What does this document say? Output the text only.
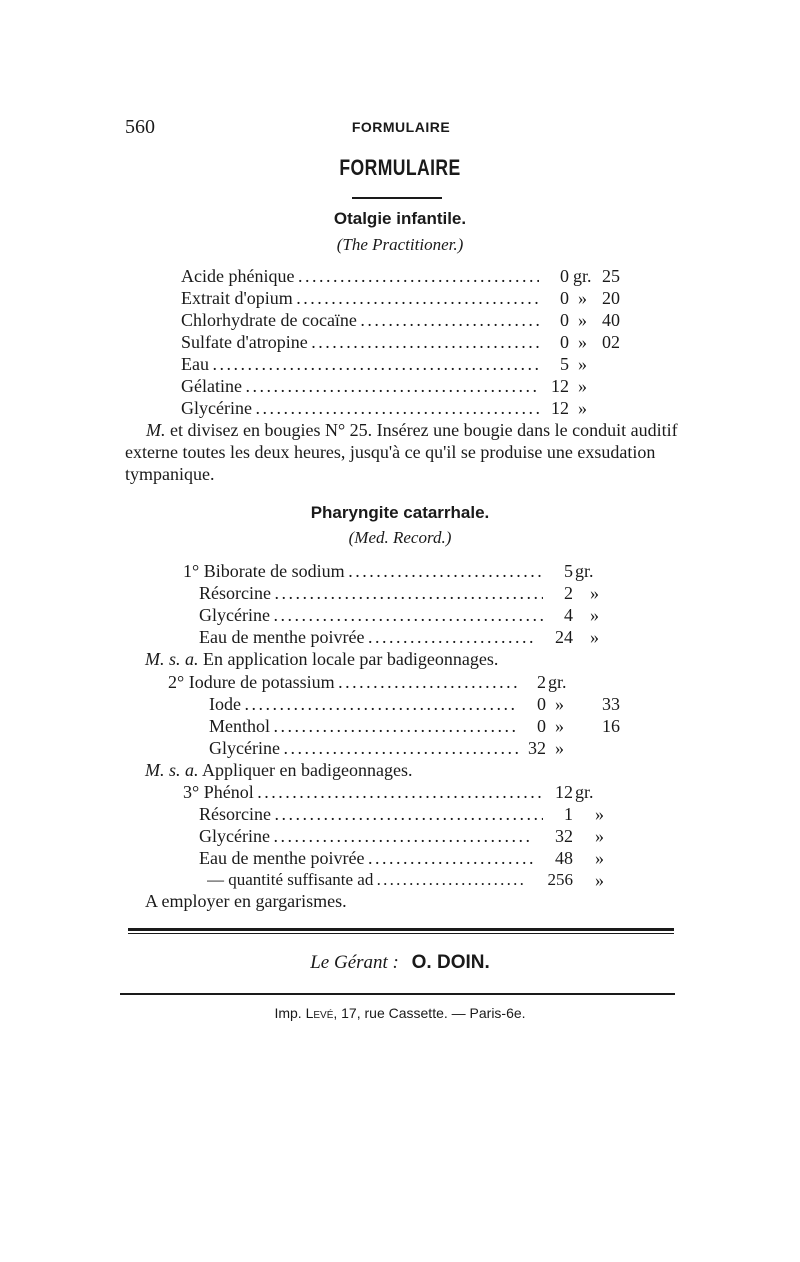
560	FORMULAIRE
FORMULAIRE
Otalgie infantile.
(The Practitioner.)
Acide phénique . . .	0 gr. 25
Extrait d'opium . . .	0 » 20
Chlorhydrate de cocaïne . . .	0 » 40
Sulfate d'atropine . . .	0 » 02
Eau . . .	5 »
Gélatine . . .	12 »
Glycérine . . .	12 »
M. et divisez en bougies N° 25. Insérez une bougie dans le conduit auditif externe toutes les deux heures, jusqu'à ce qu'il se produise une exsudation tympanique.
Pharyngite catarrhale.
(Med. Record.)
1° Biborate de sodium . . .	5 gr.
Résorcine . . .	2 »
Glycérine . . .	4 »
Eau de menthe poivrée . . .	24 »
M. s. a. En application locale par badigeonnages.
2° Iodure de potassium . . .	2 gr.
Iode . . .	0 » 33
Menthol . . .	0 » 16
Glycérine . . .	32 »
M. s. a. Appliquer en badigeonnages.
3° Phénol . . .	12 gr.
Résorcine . . .	1 »
Glycérine . . .	32 »
Eau de menthe poivrée . . .	48 »
— quantité suffisante ad . . .	256 »
A employer en gargarismes.
Le Gérant : O. DOIN.
Imp. Levé, 17, rue Cassette. — Paris-6e.
